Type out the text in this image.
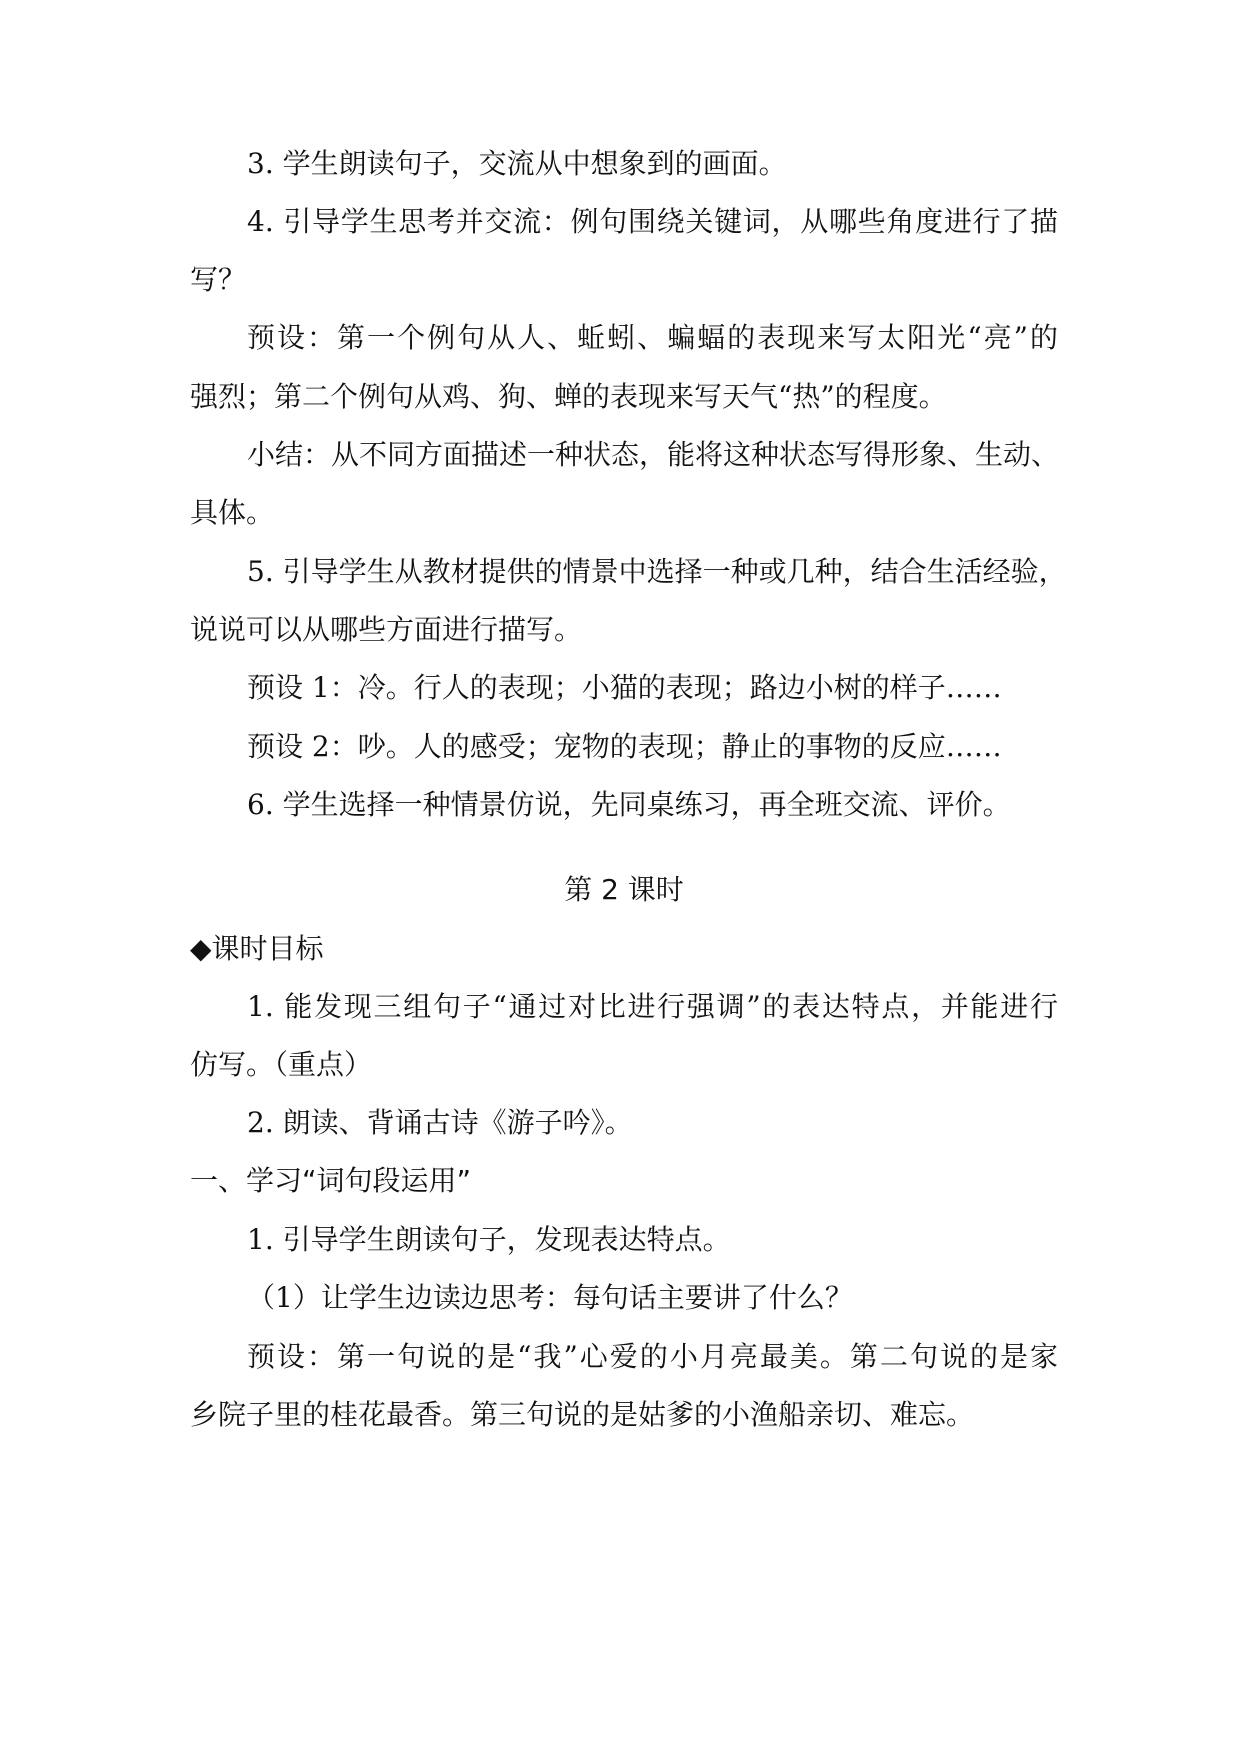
3. 学生朗读句子，交流从中想象到的画面。
4. 引导学生思考并交流：例句围绕关键词，从哪些角度进行了描
写？
预设：第一个例句从人、蚯蚓、蝙蝠的表现来写太阳光“亮”的
强烈；第二个例句从鸡、狗、蝉的表现来写天气“热”的程度。
小结：从不同方面描述一种状态，能将这种状态写得形象、生动、
具体。
5. 引导学生从教材提供的情景中选择一种或几种，结合生活经验，
说说可以从哪些方面进行描写。
预设 1：冷。行人的表现；小猫的表现；路边小树的样子……
预设 2：吵。人的感受；宠物的表现；静止的事物的反应……
6. 学生选择一种情景仿说，先同桌练习，再全班交流、评价。
第 2 课时
◆课时目标
1. 能发现三组句子“通过对比进行强调”的表达特点，并能进行
仿写。（重点）
2. 朗读、背诵古诗《游子吟》。
一、学习“词句段运用”
1. 引导学生朗读句子，发现表达特点。
（1）让学生边读边思考：每句话主要讲了什么？
预设：第一句说的是“我”心爱的小月亮最美。第二句说的是家
乡院子里的桂花最香。第三句说的是姑爹的小渔船亲切、难忘。
